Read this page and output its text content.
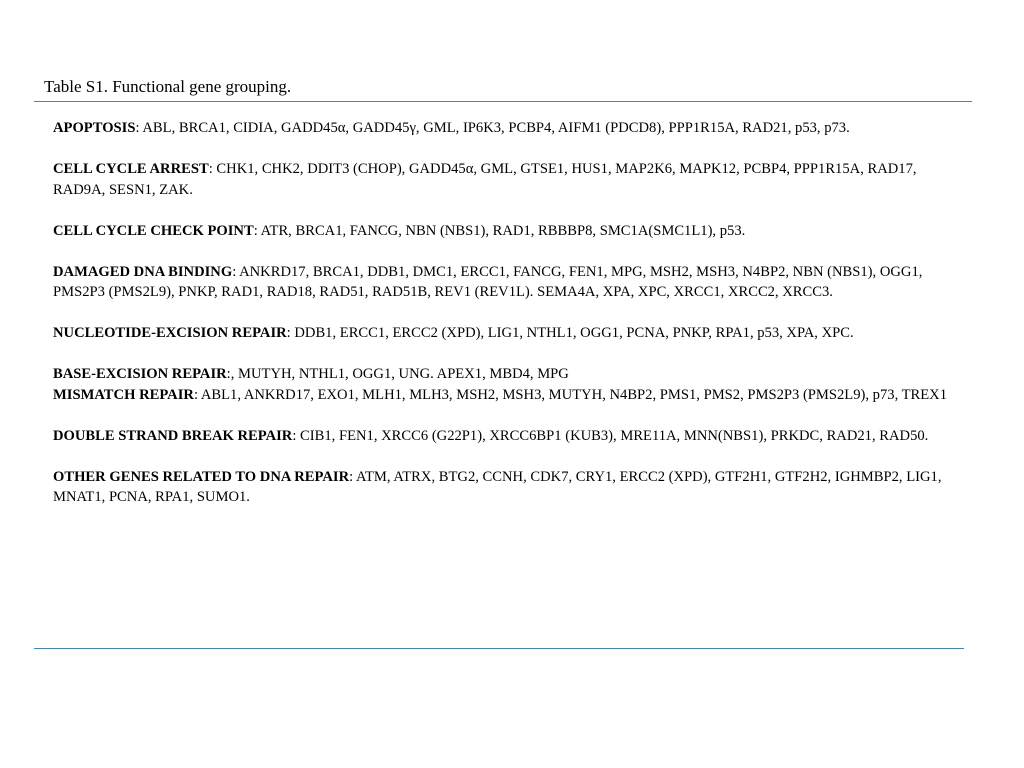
Table S1. Functional gene grouping.

APOPTOSIS: ABL, BRCA1, CIDIA, GADD45α, GADD45γ, GML, IP6K3, PCBP4, AIFM1 (PDCD8), PPP1R15A, RAD21, p53, p73.

CELL CYCLE ARREST: CHK1, CHK2, DDIT3 (CHOP), GADD45α, GML, GTSE1, HUS1, MAP2K6, MAPK12, PCBP4, PPP1R15A, RAD17, RAD9A, SESN1, ZAK.

CELL CYCLE CHECK POINT: ATR, BRCA1, FANCG, NBN (NBS1), RAD1, RBBBP8, SMC1A(SMC1L1), p53.

DAMAGED DNA BINDING: ANKRD17, BRCA1, DDB1, DMC1, ERCC1, FANCG, FEN1, MPG, MSH2, MSH3, N4BP2, NBN (NBS1), OGG1, PMS2P3 (PMS2L9), PNKP, RAD1, RAD18, RAD51, RAD51B, REV1 (REV1L). SEMA4A, XPA, XPC, XRCC1, XRCC2, XRCC3.

NUCLEOTIDE-EXCISION REPAIR: DDB1, ERCC1, ERCC2 (XPD), LIG1, NTHL1, OGG1, PCNA, PNKP, RPA1, p53, XPA, XPC.

BASE-EXCISION REPAIR:, MUTYH, NTHL1, OGG1, UNG. APEX1, MBD4, MPG

MISMATCH REPAIR: ABL1, ANKRD17, EXO1, MLH1, MLH3, MSH2, MSH3, MUTYH, N4BP2, PMS1, PMS2, PMS2P3 (PMS2L9), p73, TREX1

DOUBLE STRAND BREAK REPAIR: CIB1, FEN1, XRCC6 (G22P1), XRCC6BP1 (KUB3), MRE11A, MNN(NBS1), PRKDC, RAD21, RAD50.

OTHER GENES RELATED TO DNA REPAIR: ATM, ATRX, BTG2, CCNH, CDK7, CRY1, ERCC2 (XPD), GTF2H1, GTF2H2, IGHMBP2, LIG1, MNAT1, PCNA, RPA1, SUMO1.
